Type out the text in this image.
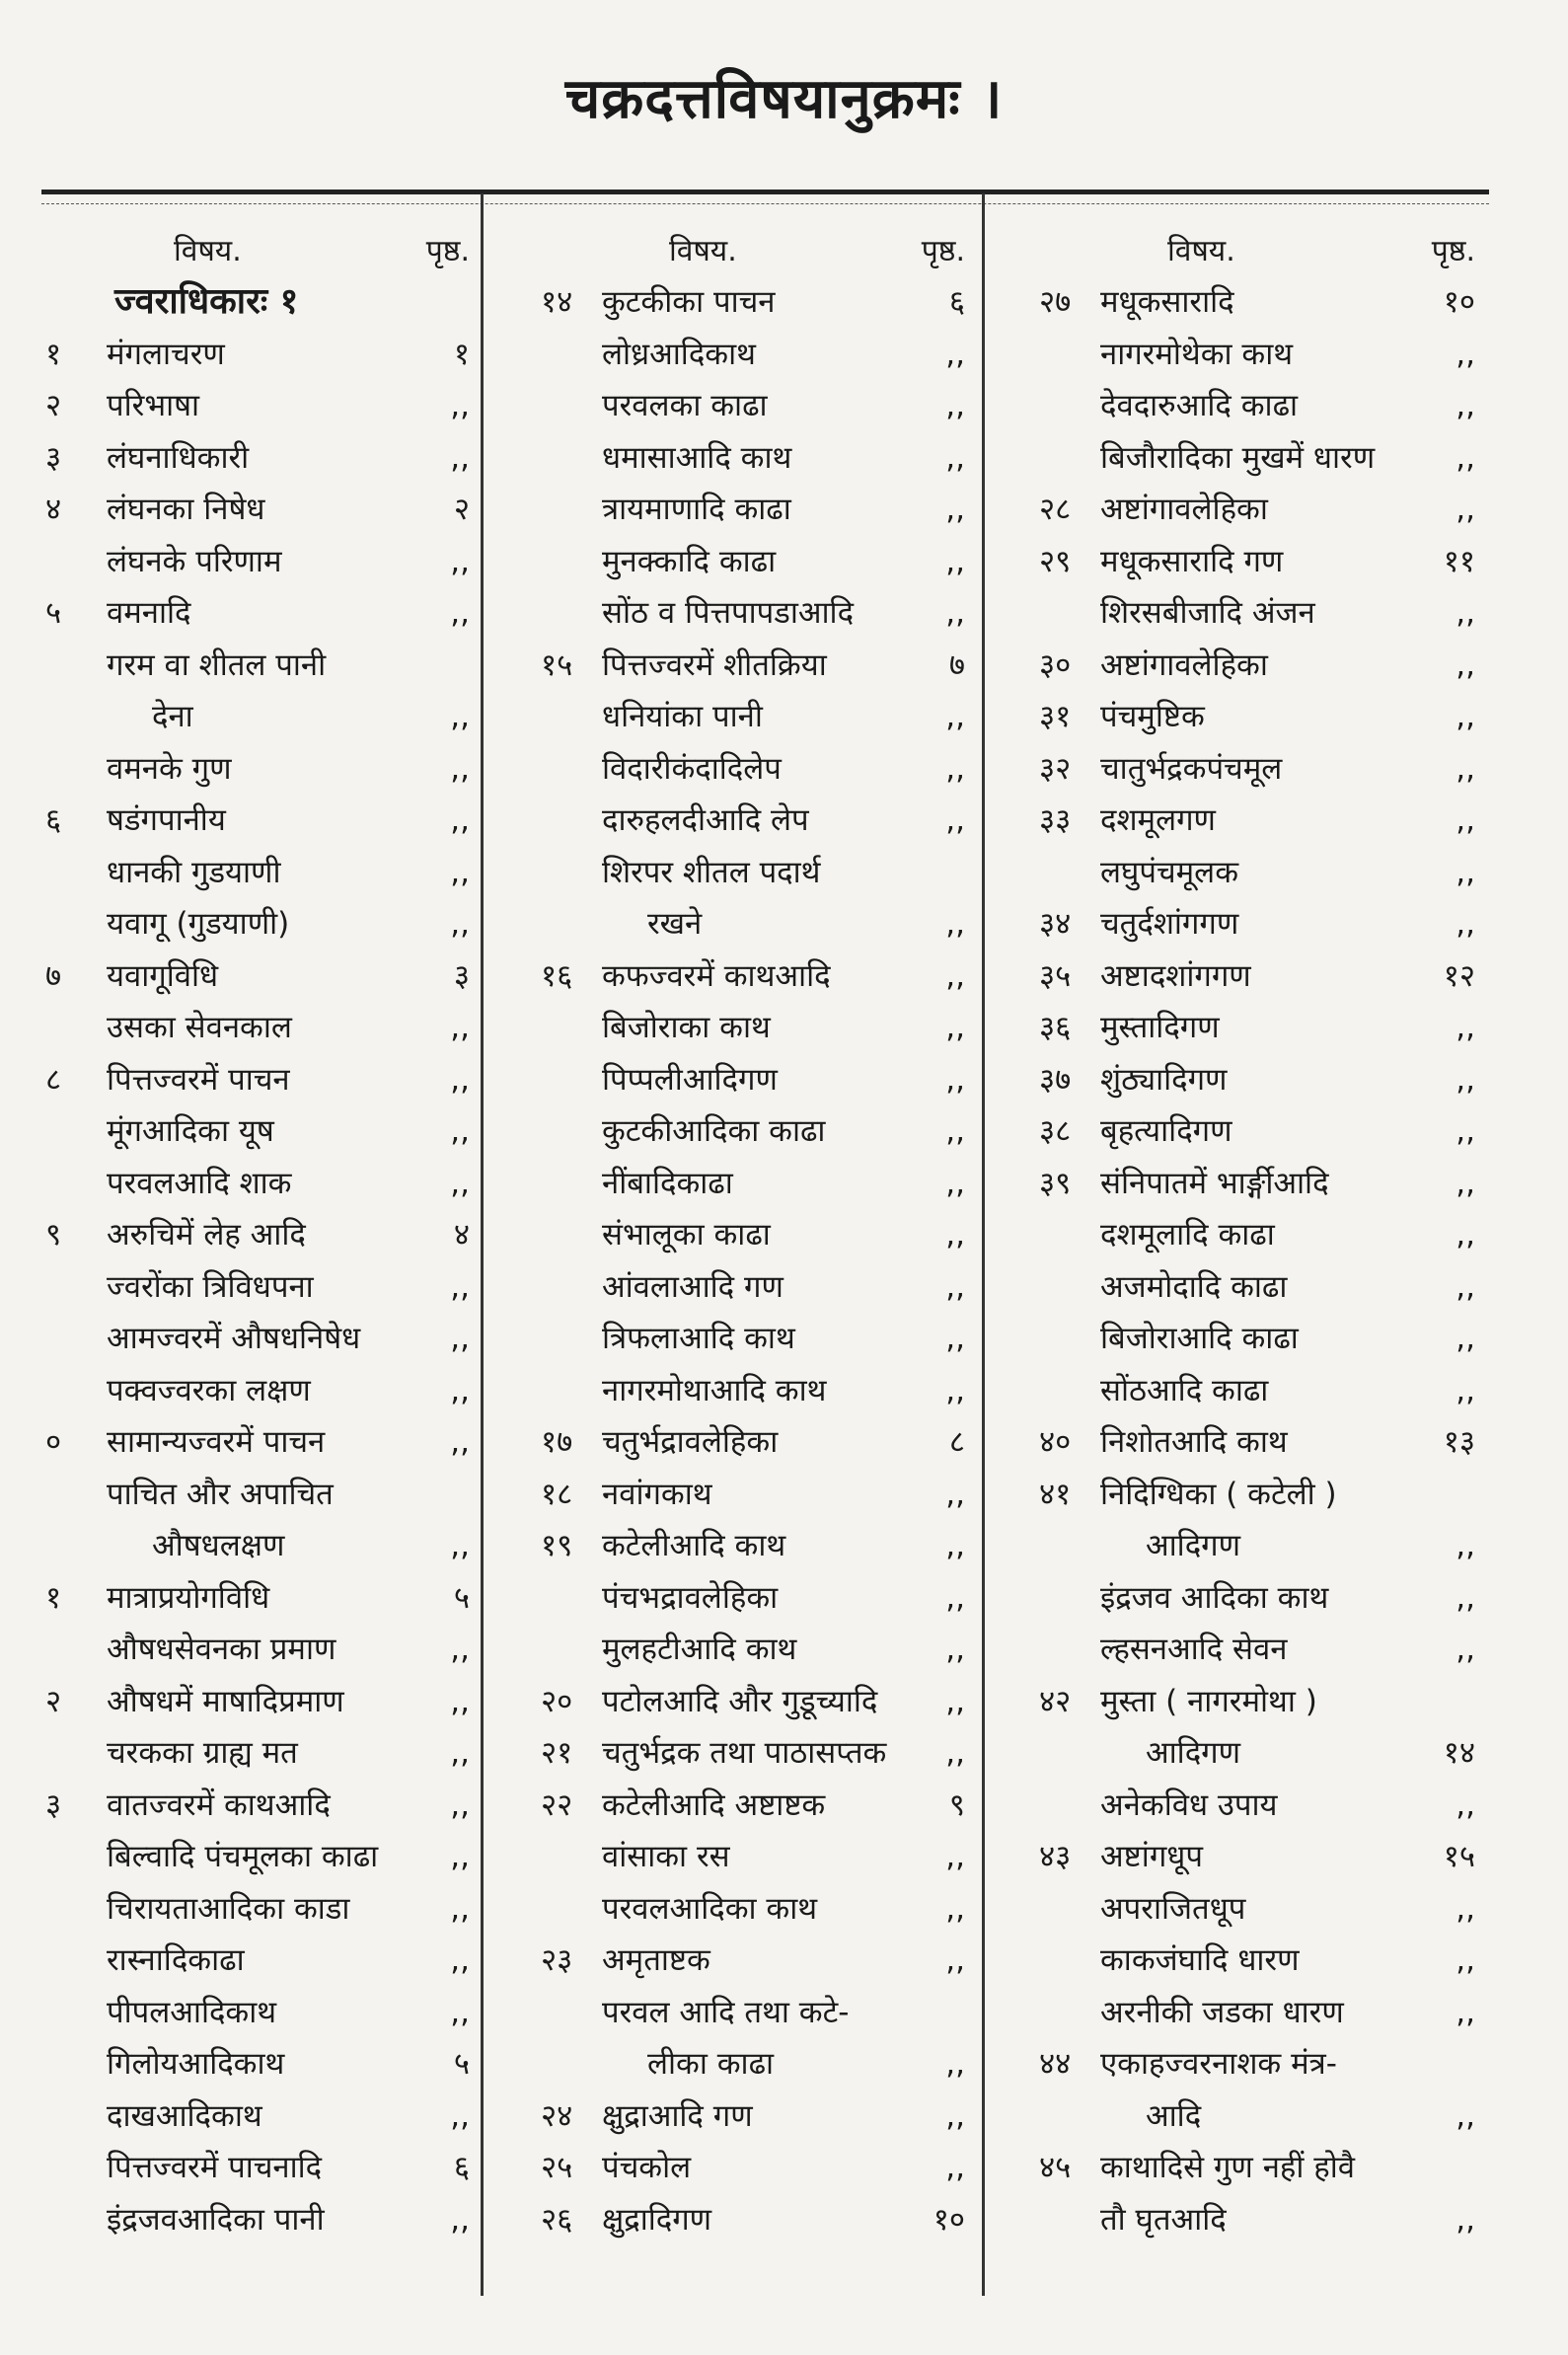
चक्रदत्तविषयानुक्रमः ।
विषय.	पृष्ठ.
ज्वराधिकारः १
१	मंगलाचरण	१
२	परिभाषा	,,
३	लंघनाधिकारी	,,
४	लंघनका निषेध	२
लंघनके परिणाम	,,
५	वमनादि	,,
गरम वा शीतल पानी
देना	,,
वमनके गुण	,,
६	षडंगपानीय	,,
धानकी गुडयाणी	,,
यवागू (गुडयाणी)	,,
७	यवागूविधि	३
उसका सेवनकाल	,,
८	पित्तज्वरमें पाचन	,,
मूंगआदिका यूष	,,
परवलआदि शाक	,,
९	अरुचिमें लेह आदि	४
ज्वरोंका त्रिविधपना	,,
आमज्वरमें औषधनिषेध	,,
पक्वज्वरका लक्षण	,,
०	सामान्यज्वरमें पाचन	,,
पाचित और अपाचित
औषधलक्षण	,,
१	मात्राप्रयोगविधि	५
औषधसेवनका प्रमाण	,,
२	औषधमें माषादिप्रमाण	,,
चरकका ग्राह्य मत	,,
३	वातज्वरमें काथआदि	,,
बिल्वादि पंचमूलका काढा ,,
चिरायताआदिका काडा	,,
रास्नादिकाढा	,,
पीपलआदिकाथ	,,
गिलोयआदिकाथ	५
दाखआदिकाथ	,,
पित्तज्वरमें पाचनादि	६
इंद्रजवआदिका पानी	,,
विषय.	पृष्ठ.
१४ कुटकीका पाचन	६
लोध्रआदिकाथ	,,
परवलका काढा	,,
धमासाआदि काथ	,,
त्रायमाणादि काढा	,,
मुनक्कादि काढा	,,
सोंठ व पित्तपापडाआदि	,,
१५ पित्तज्वरमें शीतक्रिया	७
धनियांका पानी	,,
विदारीकंदादिलेप	,,
दारुहलदीआदि लेप	,,
शिरपर शीतल पदार्थ
रखने	,,
१६ कफज्वरमें काथआदि	,,
बिजोराका काथ	,,
पिप्पलीआदिगण	,,
कुटकीआदिका काढा	,,
नींबादिकाढा	,,
संभालूका काढा	,,
आंवलाआदि गण	,,
त्रिफलाआदि काथ	,,
नागरमोथाआदि काथ	,,
१७ चतुर्भद्रावलेहिका	८
१८ नवांगकाथ	,,
१९ कटेलीआदि काथ	,,
पंचभद्रावलेहिका	,,
मुलहटीआदि काथ	,,
२० पटोलआदि और गुडूच्यादि ,,
२१ चतुर्भद्रक तथा पाठासप्तक ,,
२२ कटेलीआदि अष्टाष्टक	९
वांसाका रस	,,
परवलआदिका काथ	,,
२३ अमृताष्टक	,,
परवल आदि तथा कटे-
लीका काढा	,,
२४ क्षुद्राआदि गण	,,
२५ पंचकोल	,,
२६ क्षुद्रादिगण	१०
विषय.	पृष्ठ.
२७ मधूकसारादि	१०
नागरमोथेका काथ	,,
देवदारुआदि काढा	,,
बिजौरादिका मुखमें धारण	,,
२८ अष्टांगावलेहिका	,,
२९ मधूकसारादि गण	११
शिरसबीजादि अंजन	,,
३० अष्टांगावलेहिका	,,
३१ पंचमुष्टिक	,,
३२ चातुर्भद्रकपंचमूल	,,
३३ दशमूलगण	,,
लघुपंचमूलक	,,
३४ चतुर्दशांगगण	,,
३५ अष्टादशांगगण	१२
३६ मुस्तादिगण	,,
३७ शुंठ्यादिगण	,,
३८ बृहत्यादिगण	,,
३९ संनिपातमें भार्ङ्गीआदि	,,
दशमूलादि काढा	,,
अजमोदादि काढा	,,
बिजोराआदि काढा	,,
सोंठआदि काढा	,,
४० निशोतआदि काथ	१३
४१ निदिग्धिका ( कटेली )
आदिगण	,,
इंद्रजव आदिका काथ	,,
ल्हसनआदि सेवन	,,
४२ मुस्ता ( नागरमोथा )
आदिगण	१४
अनेकविध उपाय	,,
४३ अष्टांगधूप	१५
अपराजितधूप	,,
काकजंघादि धारण	,,
अरनीकी जडका धारण	,,
४४ एकाहज्वरनाशक मंत्र-
आदि	,,
४५ काथादिसे गुण नहीं होवै
तौ घृतआदि	,,
